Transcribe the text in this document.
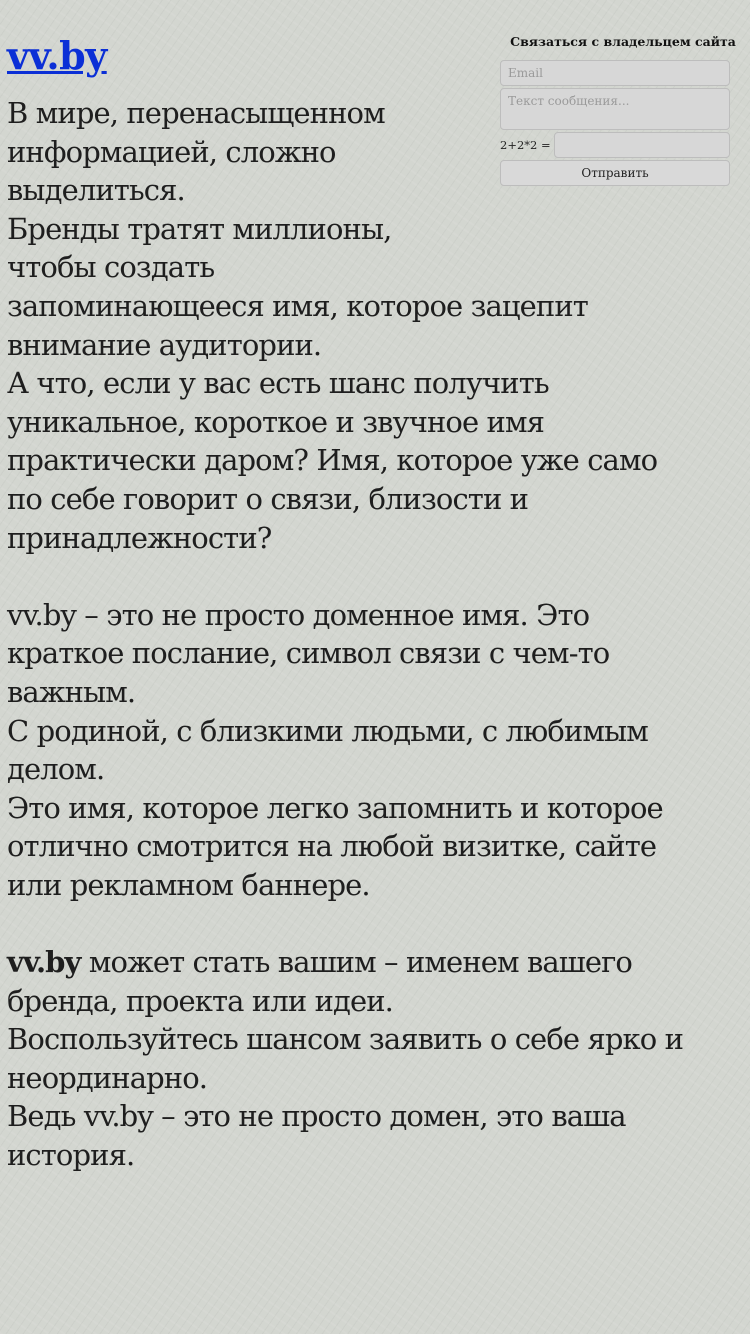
Связаться с владельцем сайта
Email
Текст сообщения...
2+2*2 =
Отправить
vv.by

В мире, перенасыщенном
информацией, сложно
выделиться.
Бренды тратят миллионы,
чтобы создать
запоминающееся имя, которое зацепит
внимание аудитории.
А что, если у вас есть шанс получить
уникальное, короткое и звучное имя
практически даром? Имя, которое уже само
по себе говорит о связи, близости и
принадлежности?

vv.by – это не просто доменное имя. Это
краткое послание, символ связи с чем-то
важным.
С родиной, с близкими людьми, с любимым
делом.
Это имя, которое легко запомнить и которое
отлично смотрится на любой визитке, сайте
или рекламном баннере.

vv.by может стать вашим – именем вашего
бренда, проекта или идеи.
Воспользуйтесь шансом заявить о себе ярко и
неординарно.
Ведь vv.by – это не просто домен, это ваша
история.
